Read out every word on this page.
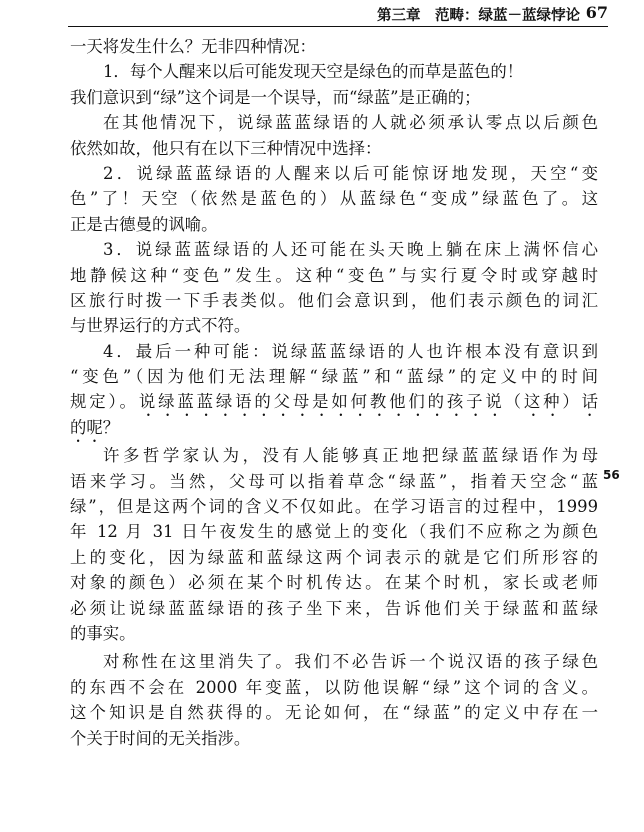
第三章　范畴：绿蓝－蓝绿悖论 67
一天将发生什么？无非四种情况：
1．每个人醒来以后可能发现天空是绿色的而草是蓝色的！
我们意识到“绿”这个词是一个误导，而“绿蓝”是正确的；
在其他情况下，说绿蓝蓝绿语的人就必须承认零点以后颜色
依然如故，他只有在以下三种情况中选择：
2．说绿蓝蓝绿语的人醒来以后可能惊讶地发现，天空“变
色”了！天空（依然是蓝色的）从蓝绿色“变成”绿蓝色了。这
正是古德曼的讽喻。
3．说绿蓝蓝绿语的人还可能在头天晚上躺在床上满怀信心
地静候这种“变色”发生。这种“变色”与实行夏令时或穿越时
区旅行时拨一下手表类似。他们会意识到，他们表示颜色的词汇
与世界运行的方式不符。
4．最后一种可能：说绿蓝蓝绿语的人也许根本没有意识到
“变色”（因为他们无法理解“绿蓝”和“蓝绿”的定义中的时间
规定）。说绿蓝蓝绿语的父母是如何教他们的孩子说（这种）话
的呢？
许多哲学家认为，没有人能够真正地把绿蓝蓝绿语作为母
语来学习。当然，父母可以指着草念“绿蓝”，指着天空念“蓝
绿”，但是这两个词的含义不仅如此。在学习语言的过程中，1999
年 12 月 31 日午夜发生的感觉上的变化（我们不应称之为颜色
上的变化，因为绿蓝和蓝绿这两个词表示的就是它们所形容的
对象的颜色）必须在某个时机传达。在某个时机，家长或老师
必须让说绿蓝蓝绿语的孩子坐下来，告诉他们关于绿蓝和蓝绿
的事实。
对称性在这里消失了。我们不必告诉一个说汉语的孩子绿色
的东西不会在 2000 年变蓝，以防他误解“绿”这个词的含义。
这个知识是自然获得的。无论如何，在“绿蓝”的定义中存在一
个关于时间的无关指涉。
56
